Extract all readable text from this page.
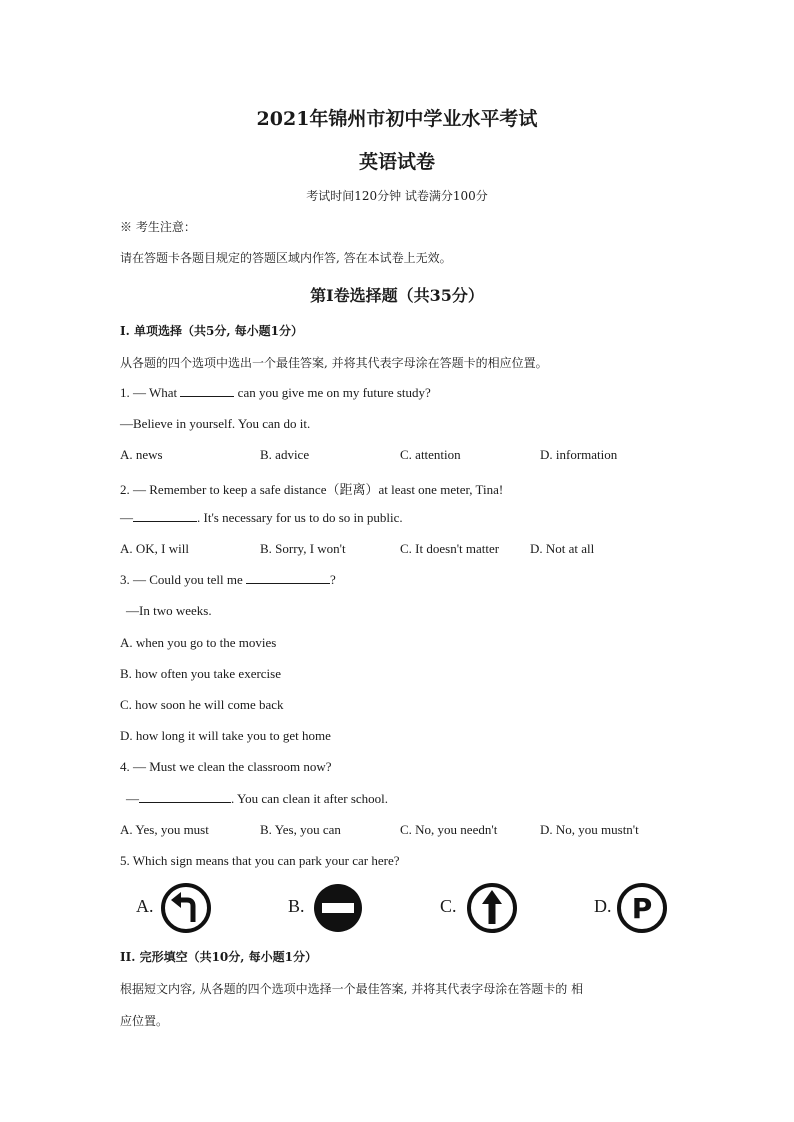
2021年锦州市初中学业水平考试
英语试卷
考试时间120分钟 试卷满分100分
※ 考生注意：
请在答题卡各题目规定的答题区域内作答, 答在本试卷上无效。
第Ⅰ卷选择题（共35分）
I. 单项选择（共5分, 每小题1分）
从各题的四个选项中选出一个最佳答案, 并将其代表字母涂在答题卡的相应位置。
1. — What	can you give me on my future study?
—Believe in yourself. You can do it.
A. news	B. advice	C. attention	D. information
2. — Remember to keep a safe distance（距离）at least one meter, Tina!
—	. It's necessary for us to do so in public.
A. OK, I will	B. Sorry, I won't	C. It doesn't matter D. Not at all
3. — Could you tell me	?
—In two weeks.
A. when you go to the movies
B. how often you take exercise
C. how soon he will come back
D. how long it will take you to get home
4. — Must we clean the classroom now?
—	. You can clean it after school.
A. Yes, you must	B. Yes, you can	C. No, you needn't	D. No, you mustn't
5. Which sign means that you can park your car here?
A.	B.	C.	D. P
II. 完形填空（共10分, 每小题1分）
根据短文内容, 从各题的四个选项中选择一个最佳答案, 并将其代表字母涂在答题卡的 相
应位置。
